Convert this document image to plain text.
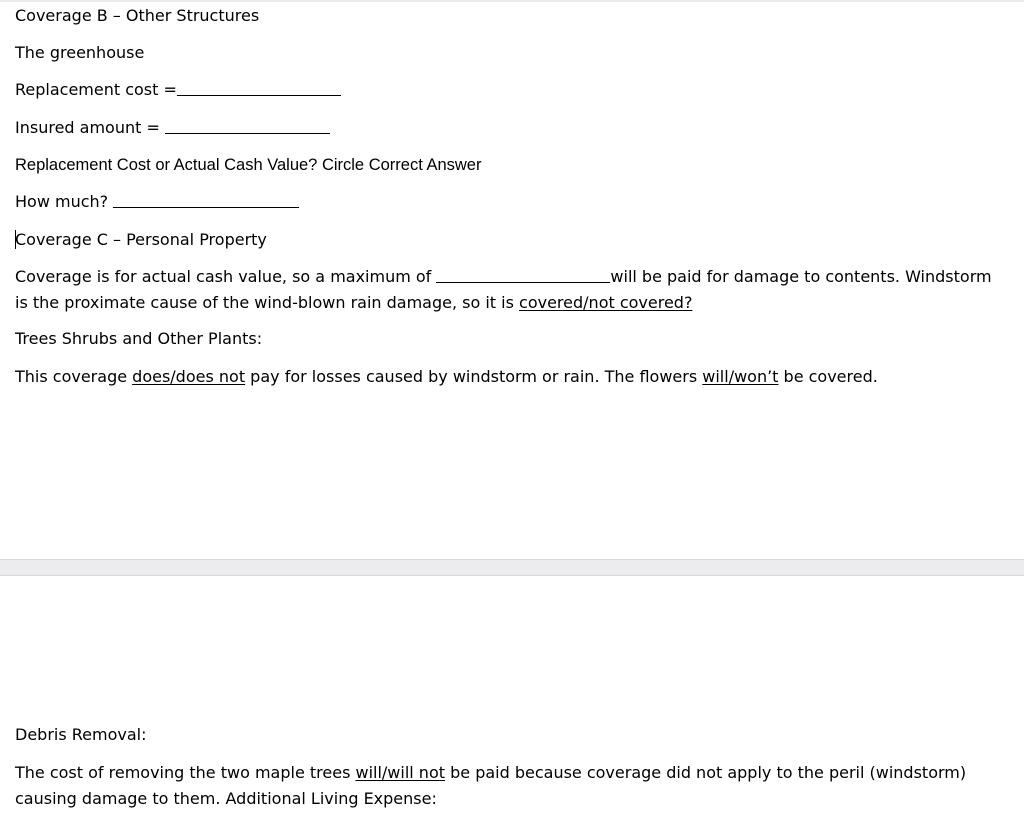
Coverage B – Other Structures
The greenhouse
Replacement cost =
Insured amount =
Replacement Cost or Actual Cash Value? Circle Correct Answer
How much?
Coverage C – Personal Property
Coverage is for actual cash value, so a maximum of	will be paid for damage to contents. Windstorm is the proximate cause of the wind-blown rain damage, so it is covered/not covered?
Trees Shrubs and Other Plants:
This coverage does/does not pay for losses caused by windstorm or rain. The flowers will/won’t be covered.
Debris Removal:
The cost of removing the two maple trees will/will not be paid because coverage did not apply to the peril (windstorm) causing damage to them. Additional Living Expense:
